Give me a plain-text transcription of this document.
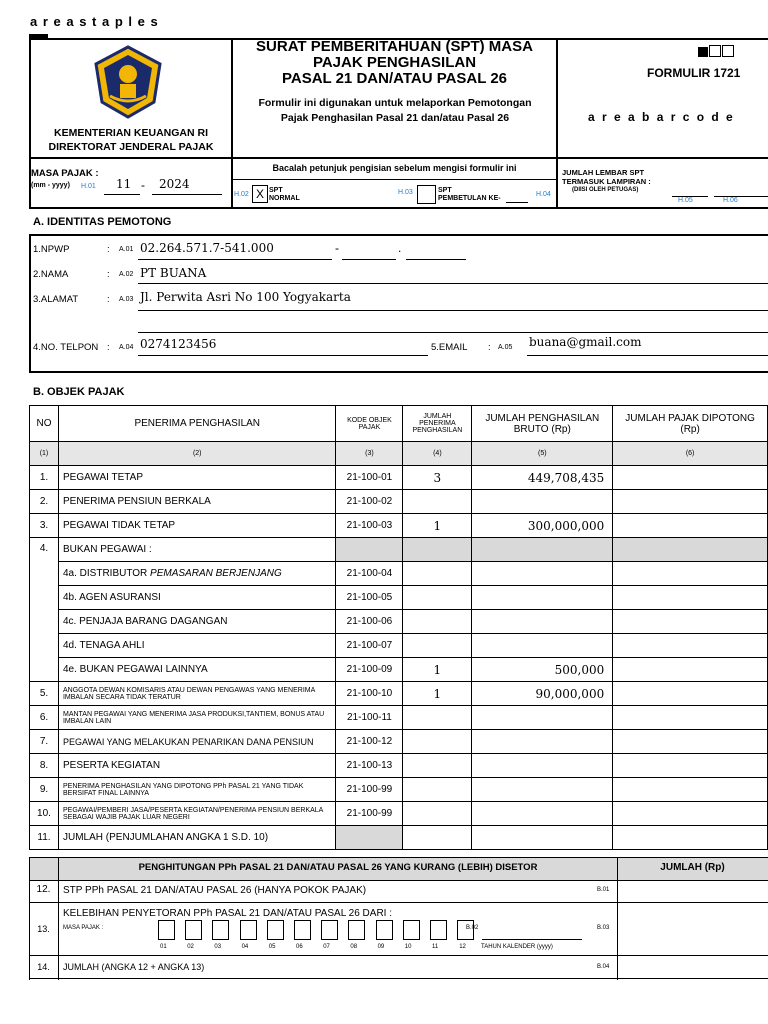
a r e a s t a p l e s
KEMENTERIAN KEUANGAN RI
DIREKTORAT JENDERAL PAJAK
SURAT PEMBERITAHUAN (SPT) MASA
PAJAK PENGHASILAN
PASAL 21 DAN/ATAU PASAL 26
Formulir ini digunakan untuk melaporkan Pemotongan Pajak Penghasilan Pasal 21 dan/atau Pasal 26
Bacalah petunjuk pengisian sebelum mengisi formulir ini
FORMULIR 1721
a r e a b a r c o d e
MASA PAJAK :
(mm - yyyy) H.01 11 - 2024
H.02 X SPT
NORMAL
H.03	SPT
PEMBETULAN KE-
H.04
JUMLAH LEMBAR SPT
TERMASUK LAMPIRAN :
(DIISI OLEH PETUGAS)
H.05	H.06
A. IDENTITAS PEMOTONG
1.NPWP	: A.01 02.264.571.7-541.000	-	.
2.NAMA	: A.02 PT BUANA
3.ALAMAT	: A.03 Jl. Perwita Asri No 100 Yogyakarta
4.NO. TELPON : A.04 0274123456	5.EMAIL : A.05 buana@gmail.com
B. OBJEK PAJAK
NO	PENERIMA PENGHASILAN	KODE OBJEK PAJAK	JUMLAH PENERIMA PENGHASILAN	JUMLAH PENGHASILAN BRUTO (Rp)	JUMLAH PAJAK DIPOTONG (Rp)
(1)	(2)	(3)	(4)	(5)	(6)
1.	PEGAWAI TETAP	21-100-01	3	449,708,435	
2.	PENERIMA PENSIUN BERKALA	21-100-02			
3.	PEGAWAI TIDAK TETAP	21-100-03	1	300,000,000	
4.	BUKAN PEGAWAI :				
	4a. DISTRIBUTOR PEMASARAN BERJENJANG	21-100-04			
	4b. AGEN ASURANSI	21-100-05			
	4c. PENJAJA BARANG DAGANGAN	21-100-06			
	4d. TENAGA AHLI	21-100-07			
	4e. BUKAN PEGAWAI LAINNYA	21-100-09	1	500,000	
5.	ANGGOTA DEWAN KOMISARIS ATAU DEWAN PENGAWAS YANG MENERIMA IMBALAN SECARA TIDAK TERATUR	21-100-10	1	90,000,000	
6.	MANTAN PEGAWAI YANG MENERIMA JASA PRODUKSI,TANTIEM, BONUS ATAU IMBALAN LAIN	21-100-11			
7.	PEGAWAI YANG MELAKUKAN PENARIKAN DANA PENSIUN	21-100-12			
8.	PESERTA KEGIATAN	21-100-13			
9.	PENERIMA PENGHASILAN YANG DIPOTONG PPh PASAL 21 YANG TIDAK BERSIFAT FINAL LAINNYA	21-100-99			
10.	PEGAWAI/PEMBERI JASA/PESERTA KEGIATAN/PENERIMA PENSIUN BERKALA SEBAGAI WAJIB PAJAK LUAR NEGERI	21-100-99			
11.	JUMLAH (PENJUMLAHAN ANGKA 1 S.D. 10)				
PENGHITUNGAN PPh PASAL 21 DAN/ATAU PASAL 26 YANG KURANG (LEBIH) DISETOR	JUMLAH (Rp)
12.	STP PPh PASAL 21 DAN/ATAU PASAL 26 (HANYA POKOK PAJAK)	B.01
13.
KELEBIHAN PENYETORAN PPh PASAL 21 DAN/ATAU PASAL 26 DARI :
MASA PAJAK :
01	02	03	04	05	06	07	08	09	10	11	12
B.02
TAHUN KALENDER (yyyy)
B.03
14.	JUMLAH (ANGKA 12 + ANGKA 13)	B.04
